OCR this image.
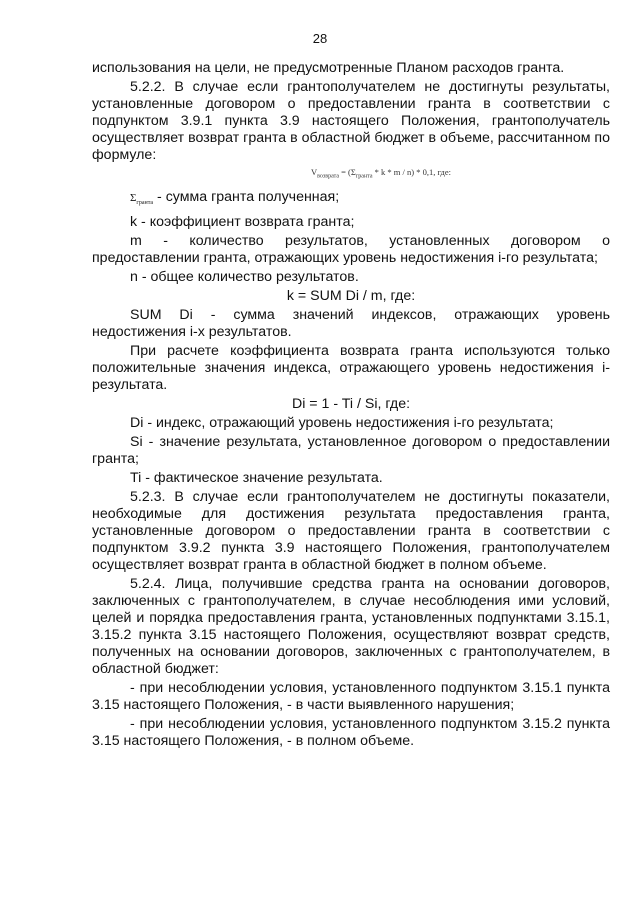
28

использования на цели, не предусмотренные Планом расходов гранта.

5.2.2. В случае если грантополучателем не достигнуты результаты, установленные договором о предоставлении гранта в соответствии с подпунктом 3.9.1 пункта 3.9 настоящего Положения, грантополучатель осуществляет возврат гранта в областной бюджет в объеме, рассчитанном по формуле:

$V_{возврата} = (\Sigma_{гранта} * k * m / n) * 0,1$, где:

$\Sigma_{гранта}$ - сумма гранта полученная;

k - коэффициент возврата гранта;

m - количество результатов, установленных договором о предоставлении гранта, отражающих уровень недостижения i-го результата;

n - общее количество результатов.

k = SUM Di / m, где:

SUM Di - сумма значений индексов, отражающих уровень недостижения i-х результатов.

При расчете коэффициента возврата гранта используются только положительные значения индекса, отражающего уровень недостижения i-результата.

Di = 1 - Ti / Si, где:

Di - индекс, отражающий уровень недостижения i-го результата;

Si - значение результата, установленное договором о предоставлении гранта;

Ti - фактическое значение результата.

5.2.3. В случае если грантополучателем не достигнуты показатели, необходимые для достижения результата предоставления гранта, установленные договором о предоставлении гранта в соответствии с подпунктом 3.9.2 пункта 3.9 настоящего Положения, грантополучателем осуществляет возврат гранта в областной бюджет в полном объеме.

5.2.4. Лица, получившие средства гранта на основании договоров, заключенных с грантополучателем, в случае несоблюдения ими условий, целей и порядка предоставления гранта, установленных подпунктами 3.15.1, 3.15.2 пункта 3.15 настоящего Положения, осуществляют возврат средств, полученных на основании договоров, заключенных с грантополучателем, в областной бюджет:

- при несоблюдении условия, установленного подпунктом 3.15.1 пункта 3.15 настоящего Положения, - в части выявленного нарушения;

- при несоблюдении условия, установленного подпунктом 3.15.2 пункта 3.15 настоящего Положения, - в полном объеме.
